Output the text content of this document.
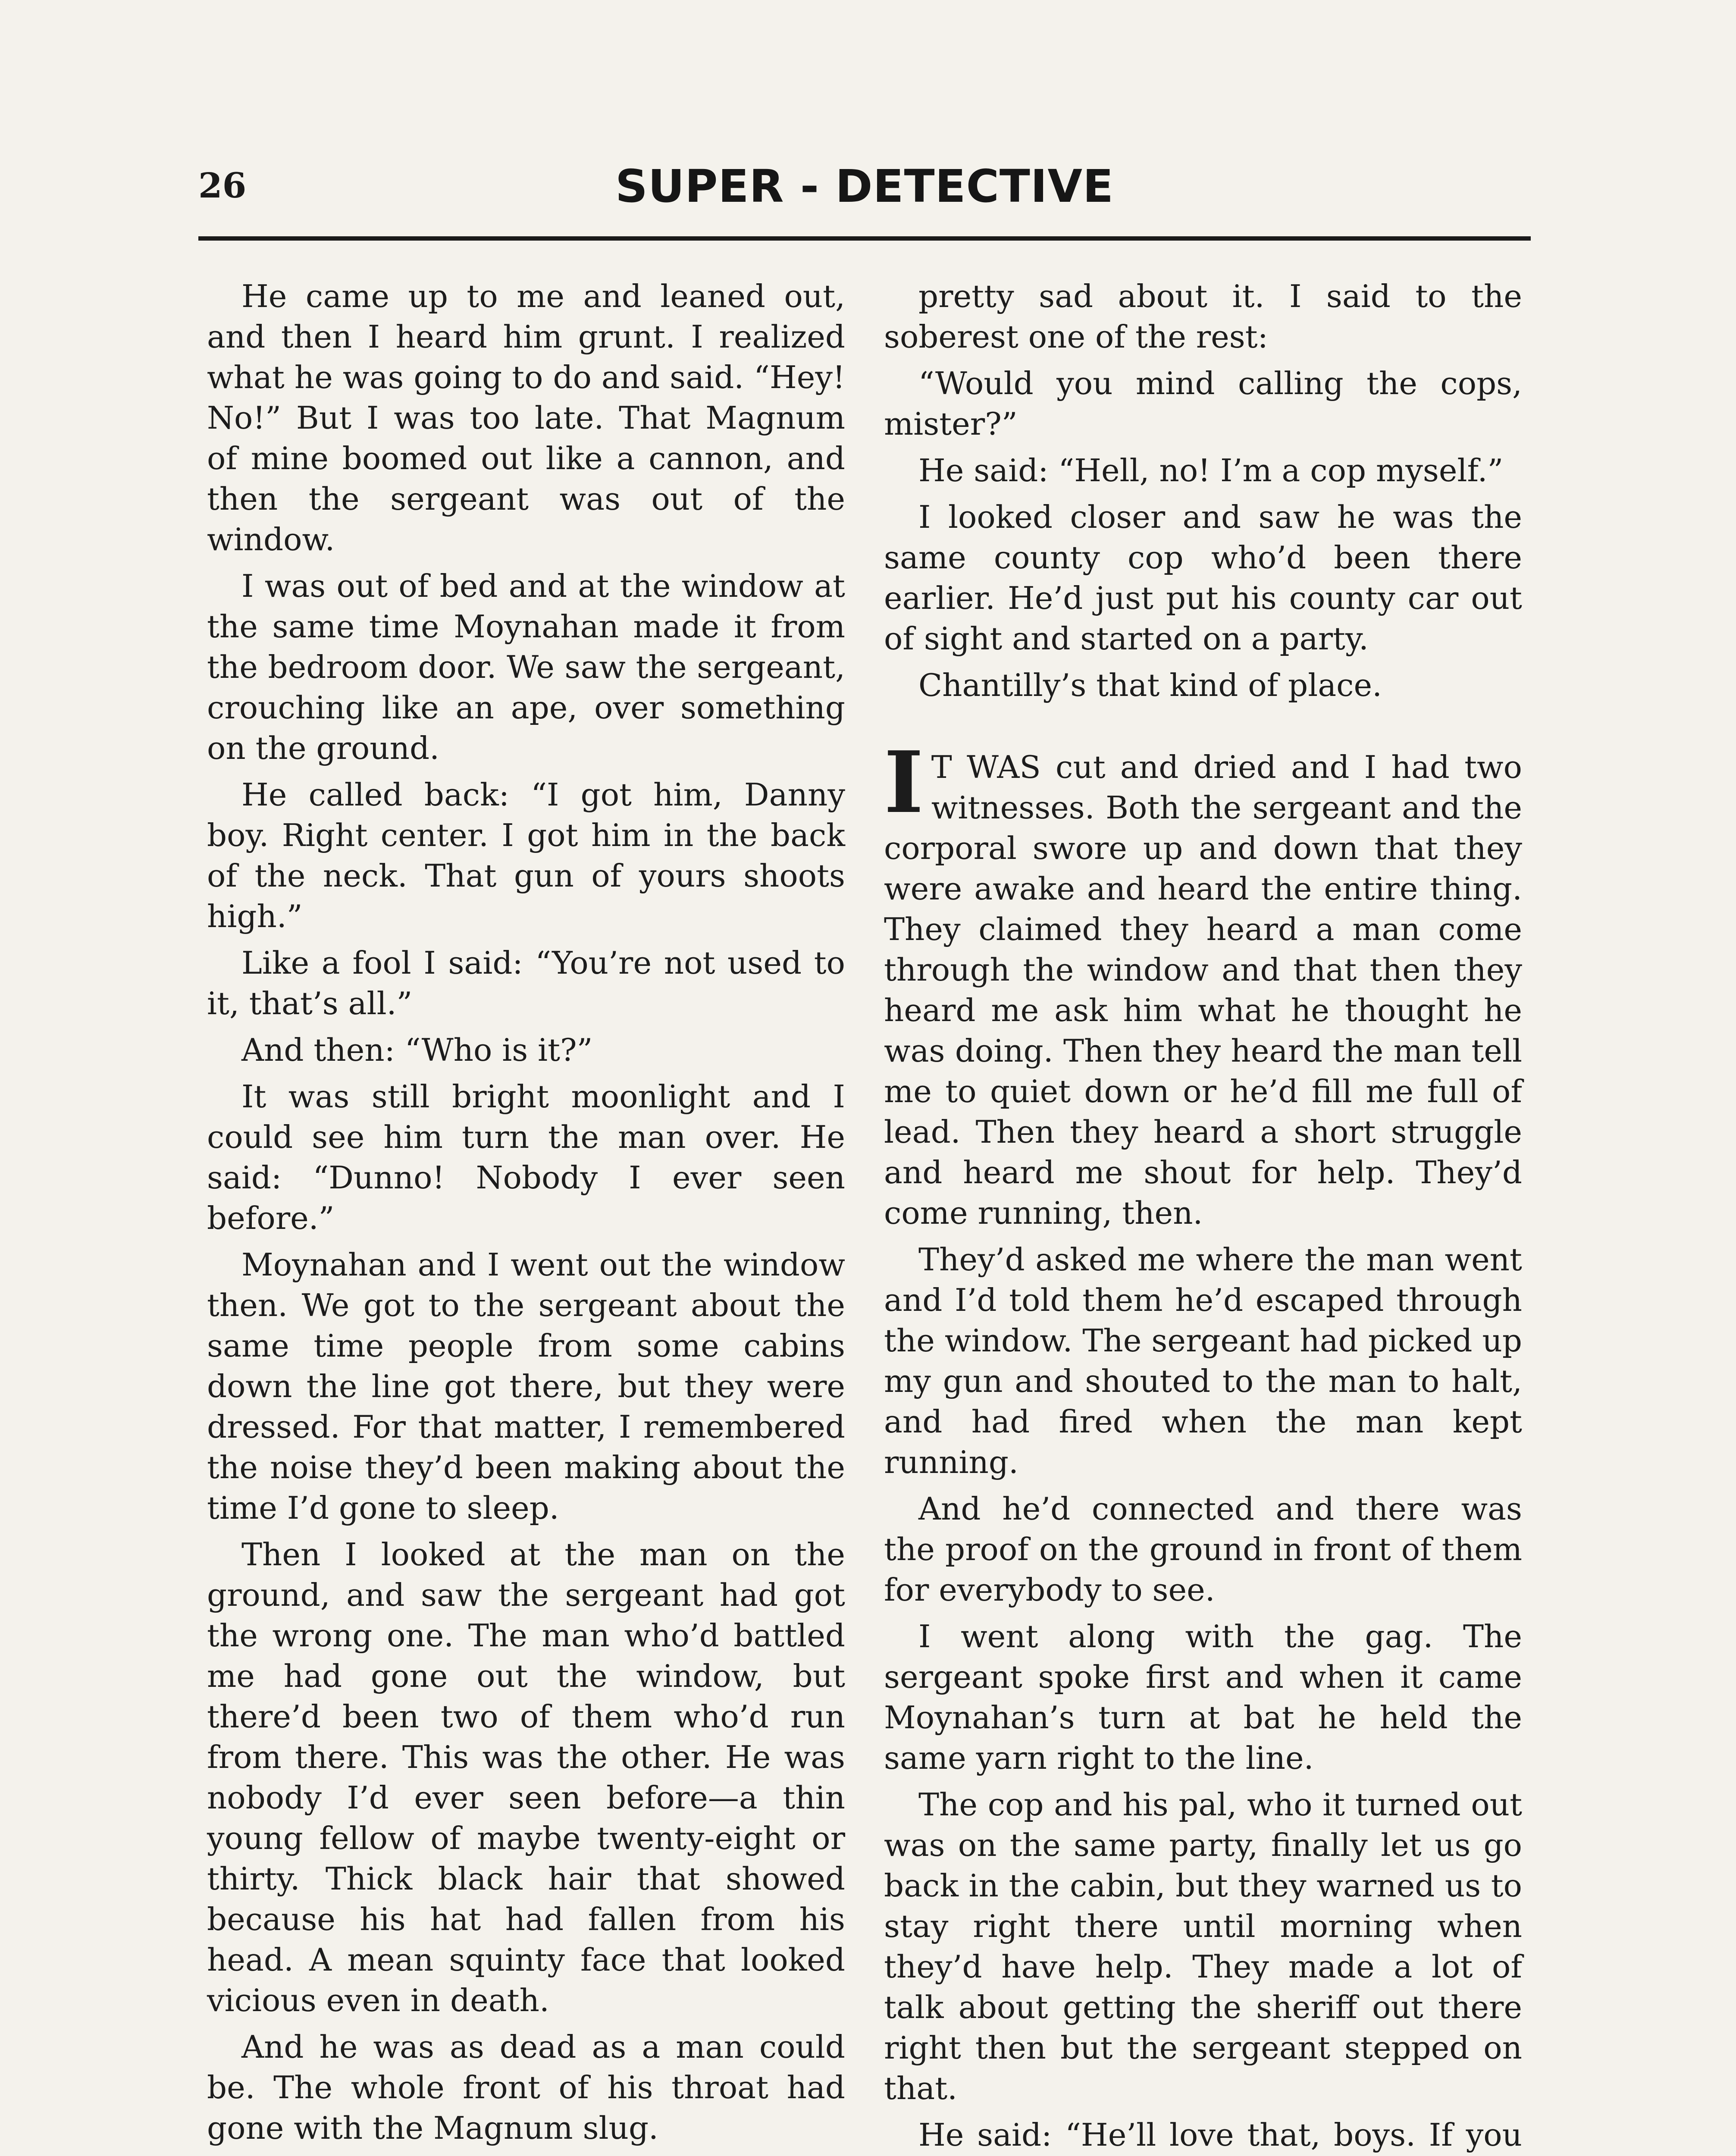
26	SUPER - DETECTIVE

He came up to me and leaned out, and then I heard him grunt. I realized what he was going to do and said. “Hey! No!” But I was too late. That Magnum of mine boomed out like a cannon, and then the sergeant was out of the window.

I was out of bed and at the window at the same time Moynahan made it from the bedroom door. We saw the sergeant, crouching like an ape, over something on the ground.

He called back: “I got him, Danny boy. Right center. I got him in the back of the neck. That gun of yours shoots high.”

Like a fool I said: “You’re not used to it, that’s all.”

And then: “Who is it?”

It was still bright moonlight and I could see him turn the man over. He said: “Dunno! Nobody I ever seen before.”

Moynahan and I went out the window then. We got to the sergeant about the same time people from some cabins down the line got there, but they were dressed. For that matter, I remembered the noise they’d been making about the time I’d gone to sleep.

Then I looked at the man on the ground, and saw the sergeant had got the wrong one. The man who’d battled me had gone out the window, but there’d been two of them who’d run from there. This was the other. He was nobody I’d ever seen before—a thin young fellow of maybe twenty-eight or thirty. Thick black hair that showed because his hat had fallen from his head. A mean squinty face that looked vicious even in death.

And he was as dead as a man could be. The whole front of his throat had gone with the Magnum slug.

pretty sad about it. I said to the soberest one of the rest:

“Would you mind calling the cops, mister?”

He said: “Hell, no! I’m a cop myself.”

I looked closer and saw he was the same county cop who’d been there earlier. He’d just put his county car out of sight and started on a party.

Chantilly’s that kind of place.

I T WAS cut and dried and I had two witnesses. Both the sergeant and the corporal swore up and down that they were awake and heard the entire thing. They claimed they heard a man come through the window and that then they heard me ask him what he thought he was doing. Then they heard the man tell me to quiet down or he’d fill me full of lead. Then they heard a short struggle and heard me shout for help. They’d come running, then.

They’d asked me where the man went and I’d told them he’d escaped through the window. The sergeant had picked up my gun and shouted to the man to halt, and had fired when the man kept running.

And he’d connected and there was the proof on the ground in front of them for everybody to see.

I went along with the gag. The sergeant spoke first and when it came Moynahan’s turn at bat he held the same yarn right to the line.

The cop and his pal, who it turned out was on the same party, finally let us go back in the cabin, but they warned us to stay right there until morning when they’d have help. They made a lot of talk about getting the sheriff out there right then but the sergeant stepped on that.

He said: “He’ll love that, boys. If you
